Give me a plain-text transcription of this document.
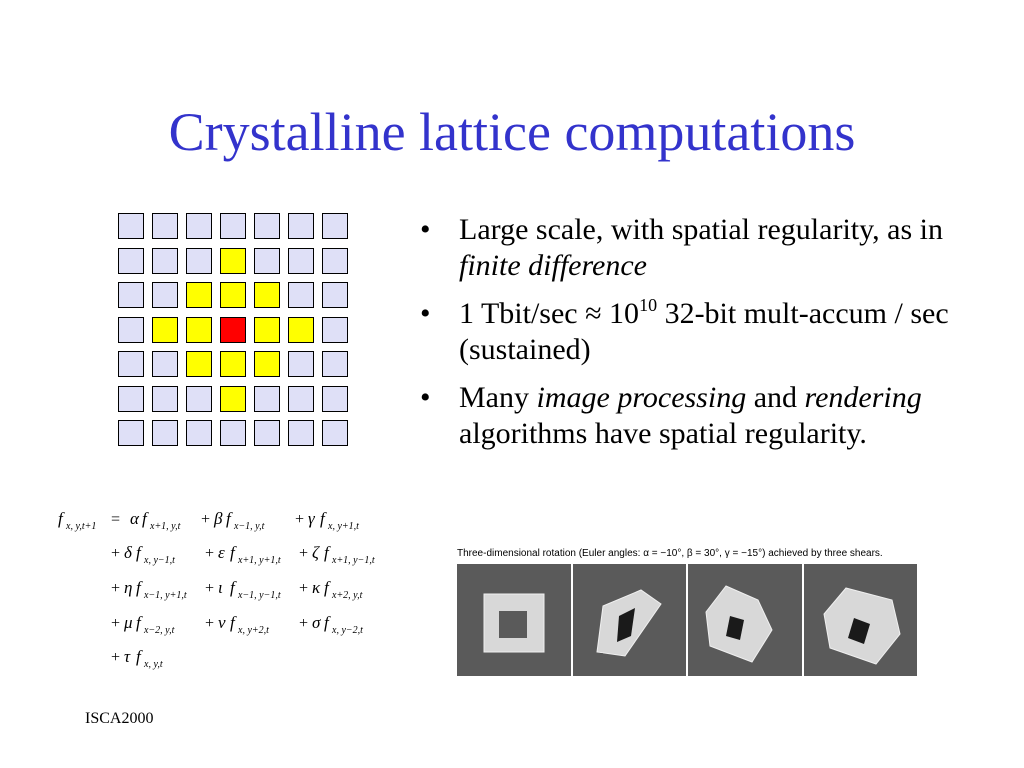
Crystalline lattice computations
• Large scale, with spatial regularity, as in finite difference
• 1 Tbit/sec ≈ $10^{10}$ 32-bit mult-accum / sec (sustained)
• Many image processing and rendering algorithms have spatial regularity.
f x, y,t+1 = α f x+1, y,t + β f x−1, y,t + γ f x, y+1,t
+ δ f x, y−1,t + ε f x+1, y+1,t + ζ f x+1, y−1,t
+ η f x−1, y+1,t + ι f x−1, y−1,t + κ f x+2, y,t
+ μ f x−2, y,t + ν f x, y+2,t + σ f x, y−2,t
+ τ f x, y,t
Three-dimensional rotation (Euler angles: α = −10°, β = 30°, γ = −15°) achieved by three shears.
ISCA2000
